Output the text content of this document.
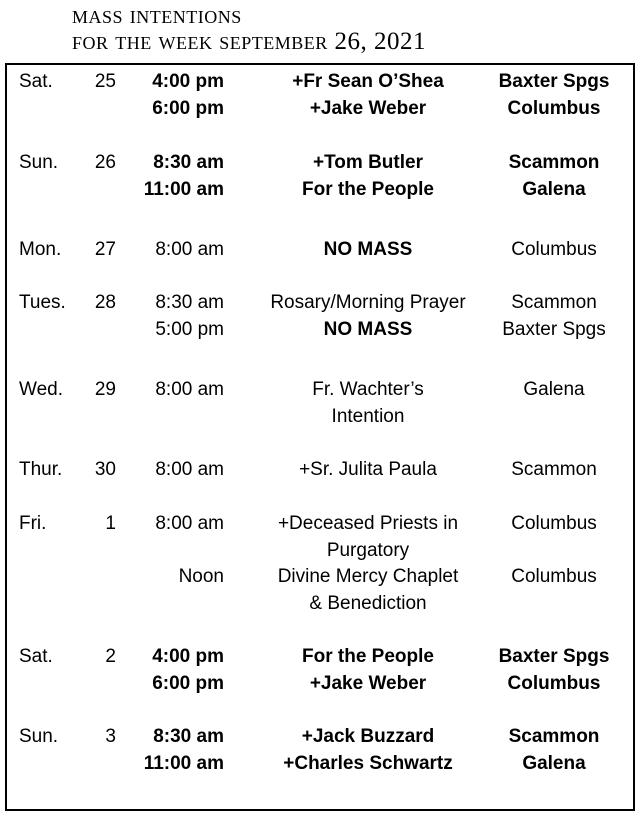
mass intentions
for the week september 26, 2021
Sat.	25	4:00 pm	+Fr Sean O’Shea	Baxter Spgs
6:00 pm	+Jake Weber	Columbus
Sun.	26	8:30 am	+Tom Butler	Scammon
11:00 am	For the People	Galena
Mon.	27	8:00 am	NO MASS	Columbus
Tues.	28	8:30 am	Rosary/Morning Prayer	Scammon
5:00 pm	NO MASS	Baxter Spgs
Wed.	29	8:00 am	Fr. Wachter’s	Galena
Intention
Thur.	30	8:00 am	+Sr. Julita Paula	Scammon
Fri.	1	8:00 am	+Deceased Priests in	Columbus
Purgatory
Noon	Divine Mercy Chaplet	Columbus
& Benediction
Sat.	2	4:00 pm	For the People	Baxter Spgs
6:00 pm	+Jake Weber	Columbus
Sun.	3	8:30 am	+Jack Buzzard	Scammon
11:00 am	+Charles Schwartz	Galena
